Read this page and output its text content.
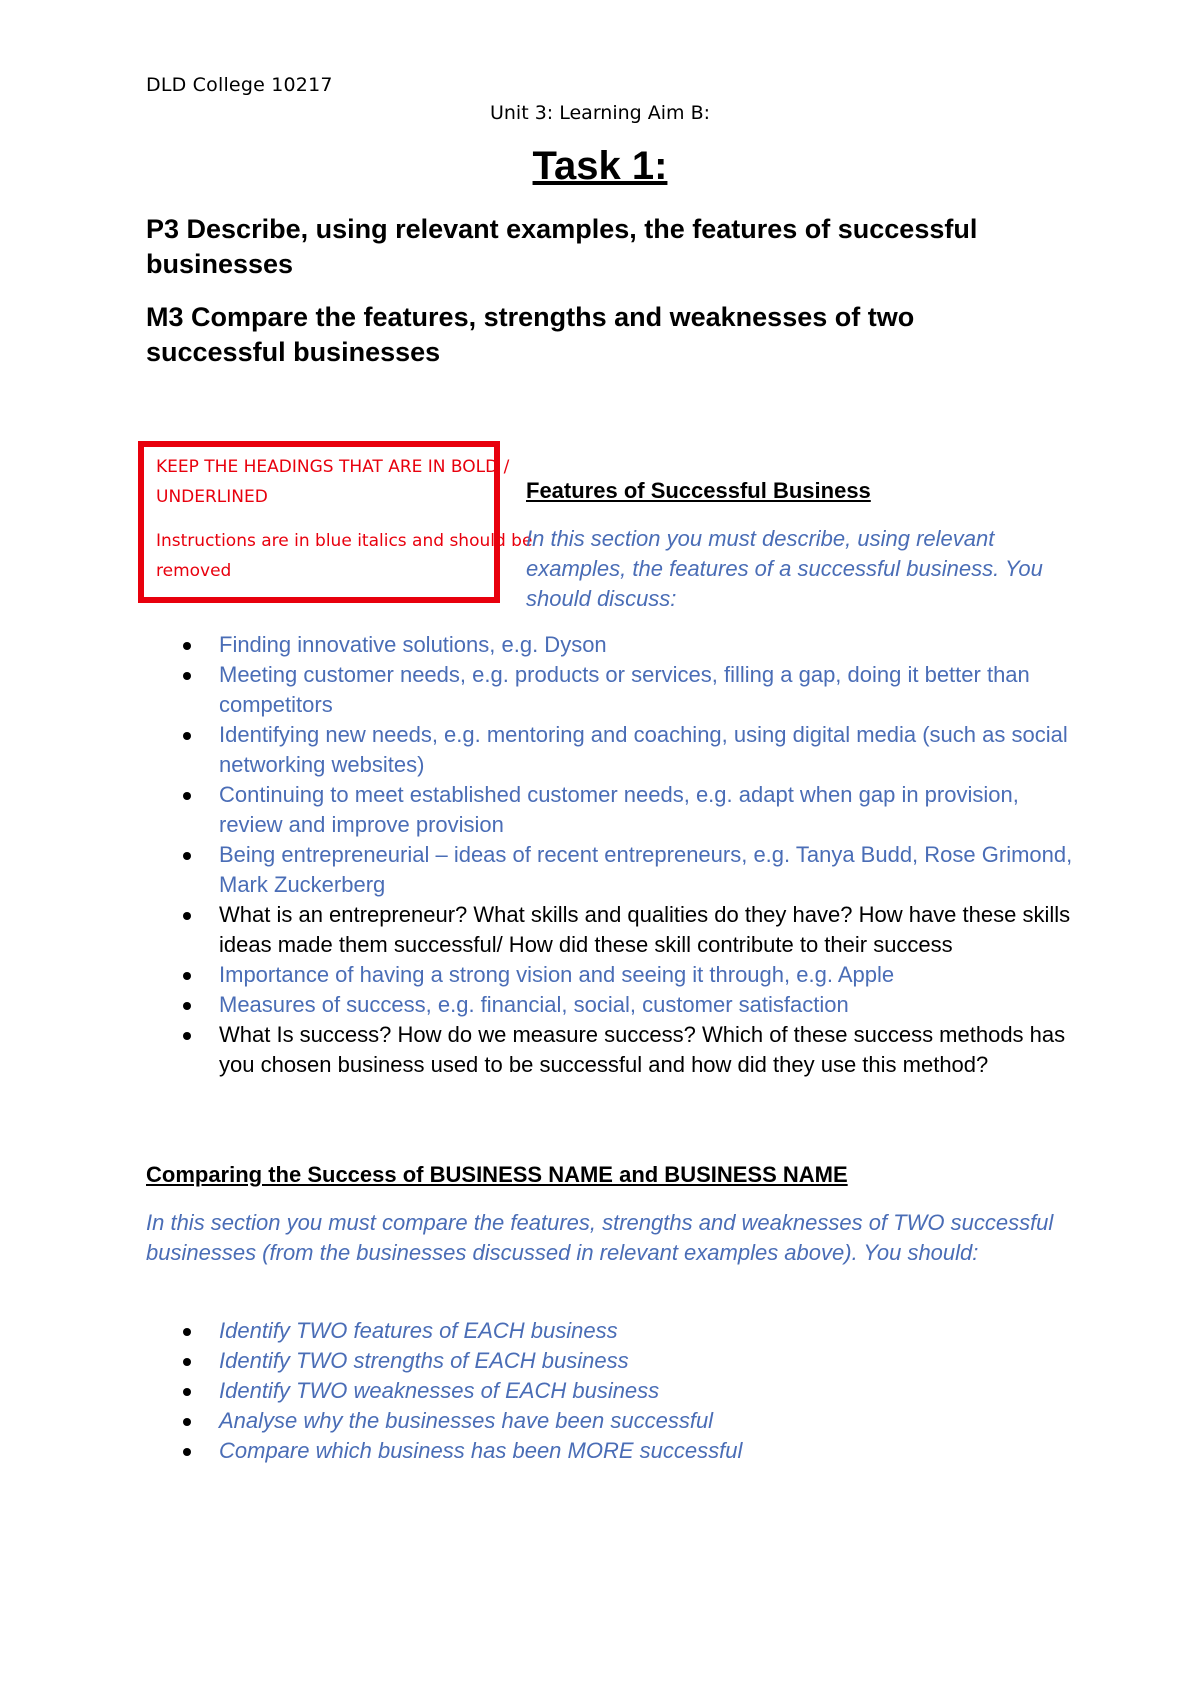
DLD College 10217
Unit 3: Learning Aim B:
Task 1:
P3 Describe, using relevant examples, the features of successful businesses
M3 Compare the features, strengths and weaknesses of two successful businesses

KEEP THE HEADINGS THAT ARE IN BOLD / UNDERLINED

Instructions are in blue italics and should be removed

Features of Successful Business
In this section you must describe, using relevant examples, the features of a successful business. You should discuss:
Finding innovative solutions, e.g. Dyson
Meeting customer needs, e.g. products or services, filling a gap, doing it better than competitors
Identifying new needs, e.g. mentoring and coaching, using digital media (such as social networking websites)
Continuing to meet established customer needs, e.g. adapt when gap in provision, review and improve provision
Being entrepreneurial – ideas of recent entrepreneurs, e.g. Tanya Budd, Rose Grimond, Mark Zuckerberg
What is an entrepreneur? What skills and qualities do they have? How have these skills ideas made them successful/ How did these skill contribute to their success
Importance of having a strong vision and seeing it through, e.g. Apple
Measures of success, e.g. financial, social, customer satisfaction
What Is success? How do we measure success? Which of these success methods has you chosen business used to be successful and how did they use this method?
Comparing the Success of BUSINESS NAME and BUSINESS NAME
In this section you must compare the features, strengths and weaknesses of TWO successful businesses (from the businesses discussed in relevant examples above). You should:
Identify TWO features of EACH business
Identify TWO strengths of EACH business
Identify TWO weaknesses of EACH business
Analyse why the businesses have been successful
Compare which business has been MORE successful
